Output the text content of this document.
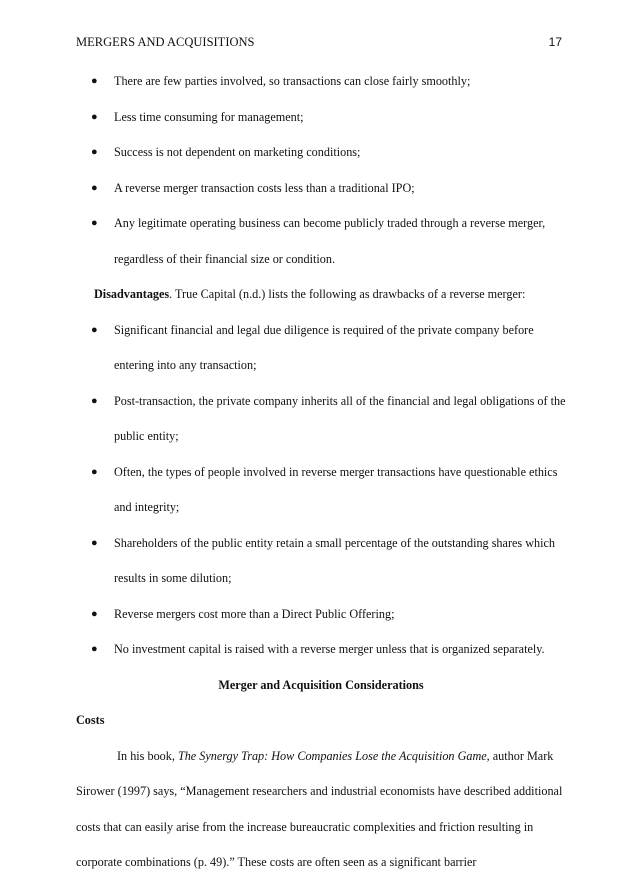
MERGERS AND ACQUISITIONS	17

● There are few parties involved, so transactions can close fairly smoothly;

● Less time consuming for management;

● Success is not dependent on marketing conditions;

● A reverse merger transaction costs less than a traditional IPO;

● Any legitimate operating business can become publicly traded through a reverse merger, regardless of their financial size or condition.

Disadvantages. True Capital (n.d.) lists the following as drawbacks of a reverse merger:

● Significant financial and legal due diligence is required of the private company before entering into any transaction;

● Post-transaction, the private company inherits all of the financial and legal obligations of the public entity;

● Often, the types of people involved in reverse merger transactions have questionable ethics and integrity;

● Shareholders of the public entity retain a small percentage of the outstanding shares which results in some dilution;

● Reverse mergers cost more than a Direct Public Offering;

● No investment capital is raised with a reverse merger unless that is organized separately.

Merger and Acquisition Considerations

Costs

In his book, The Synergy Trap: How Companies Lose the Acquisition Game, author Mark Sirower (1997) says, “Management researchers and industrial economists have described additional costs that can easily arise from the increase bureaucratic complexities and friction resulting in corporate combinations (p. 49).” These costs are often seen as a significant barrier
